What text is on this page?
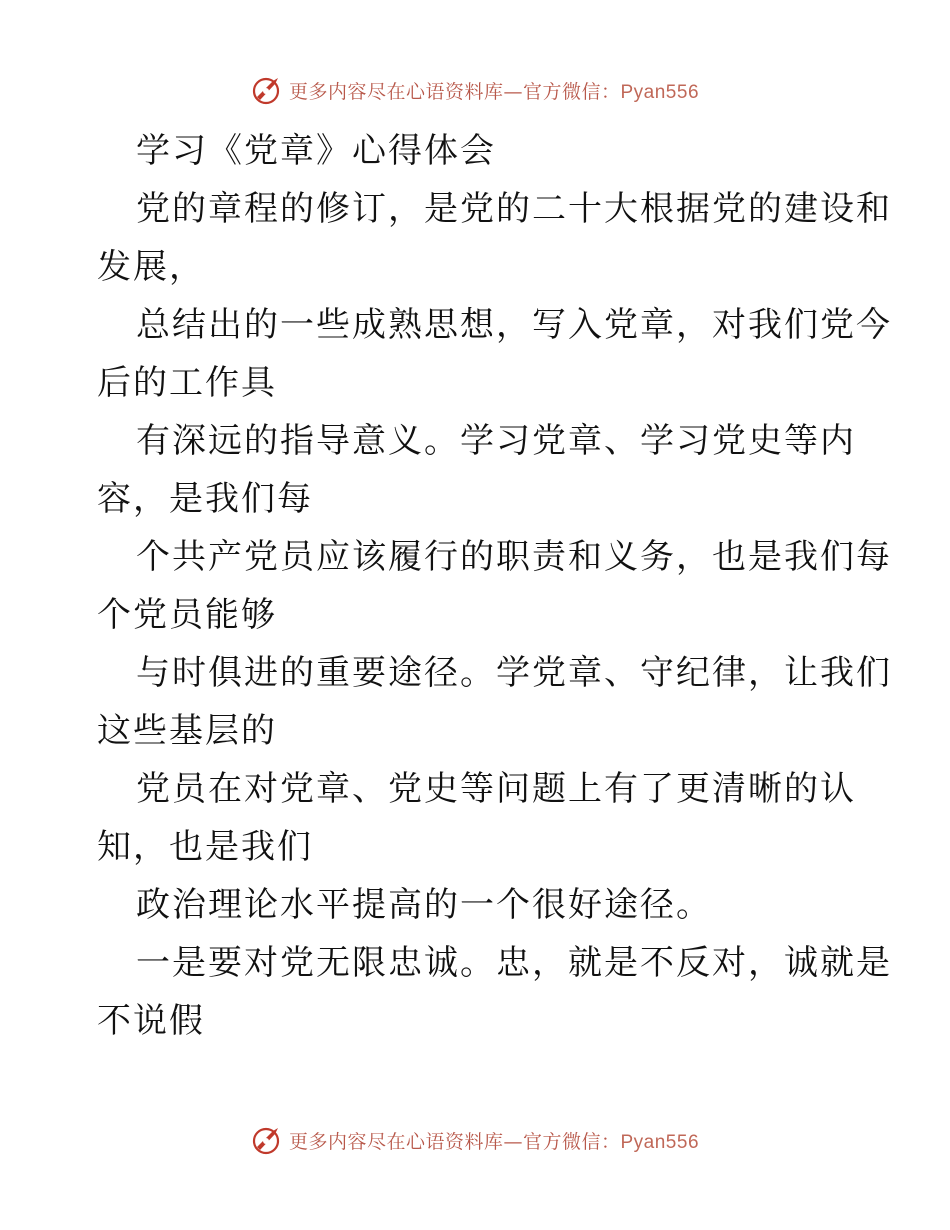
更多内容尽在心语资料库—官方微信：Pyan556
学习《党章》心得体会
党的章程的修订，是党的二十大根据党的建设和
发展，
总结出的一些成熟思想，写入党章，对我们党今
后的工作具
有深远的指导意义。学习党章、学习党史等内
容，是我们每
个共产党员应该履行的职责和义务，也是我们每
个党员能够
与时俱进的重要途径。学党章、守纪律，让我们
这些基层的
党员在对党章、党史等问题上有了更清晰的认
知，也是我们
政治理论水平提高的一个很好途径。
一是要对党无限忠诚。忠，就是不反对，诚就是
不说假
更多内容尽在心语资料库—官方微信：Pyan556
